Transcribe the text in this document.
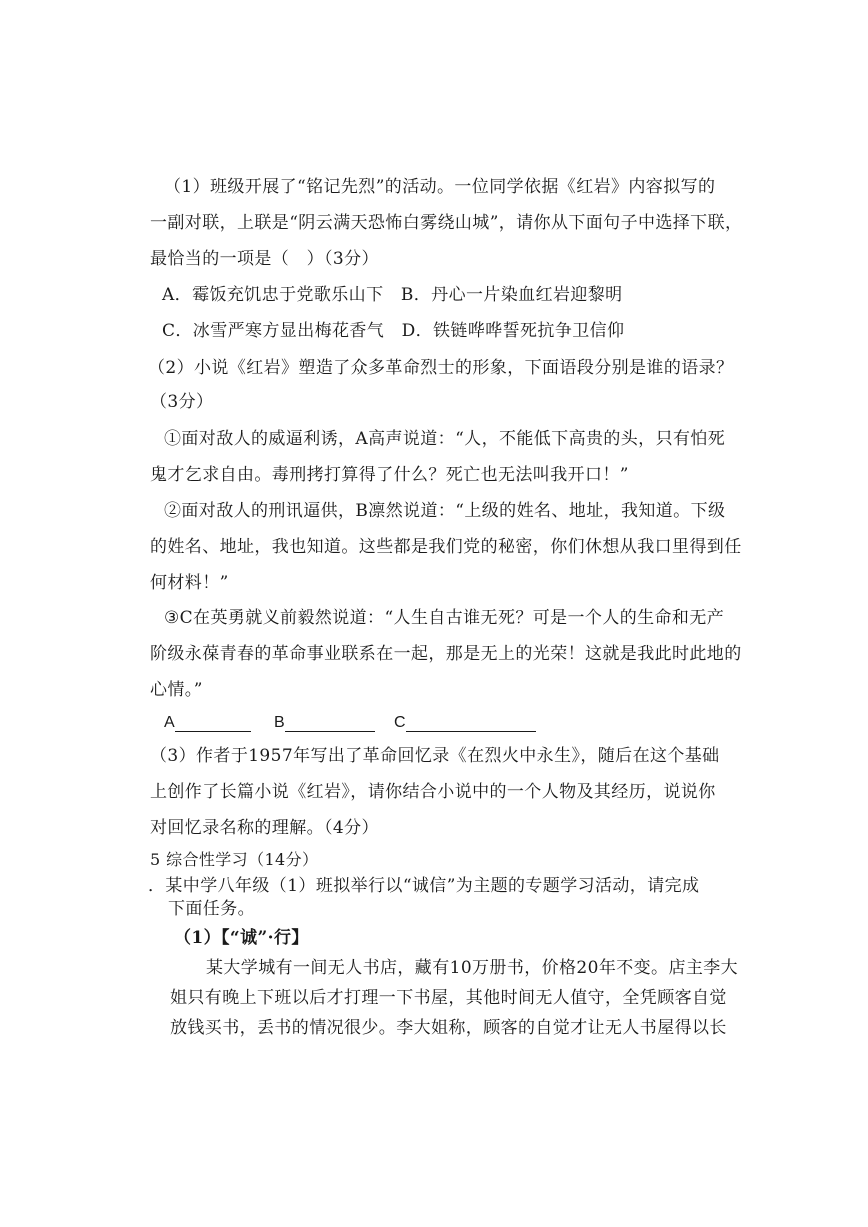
（1）班级开展了“铭记先烈”的活动。一位同学依据《红岩》内容拟写的
一副对联，上联是“阴云满天恐怖白雾绕山城”，请你从下面句子中选择下联，
最恰当的一项是（　）（3分）
A．霉饭充饥忠于党歌乐山下　B．丹心一片染血红岩迎黎明
C．冰雪严寒方显出梅花香气　D．铁链哗哗誓死抗争卫信仰
（2）小说《红岩》塑造了众多革命烈士的形象，下面语段分别是谁的语录？
（3分）
①面对敌人的威逼利诱，A高声说道：“人，不能低下高贵的头，只有怕死
鬼才乞求自由。毒刑拷打算得了什么？死亡也无法叫我开口！”
②面对敌人的刑讯逼供，B凛然说道：“上级的姓名、地址，我知道。下级
的姓名、地址，我也知道。这些都是我们党的秘密，你们休想从我口里得到任
何材料！”
③C在英勇就义前毅然说道：“人生自古谁无死？可是一个人的生命和无产
阶级永葆青春的革命事业联系在一起，那是无上的光荣！这就是我此时此地的
心情。”
A	B	C
（3）作者于1957年写出了革命回忆录《在烈火中永生》，随后在这个基础
上创作了长篇小说《红岩》，请你结合小说中的一个人物及其经历，说说你
对回忆录名称的理解。（4分）
5 综合性学习（14分）
．某中学八年级（1）班拟举行以“诚信”为主题的专题学习活动，请完成
下面任务。
（1）【“诚”·行】
某大学城有一间无人书店，藏有10万册书，价格20年不变。店主李大
姐只有晚上下班以后才打理一下书屋，其他时间无人值守，全凭顾客自觉
放钱买书，丢书的情况很少。李大姐称，顾客的自觉才让无人书屋得以长
